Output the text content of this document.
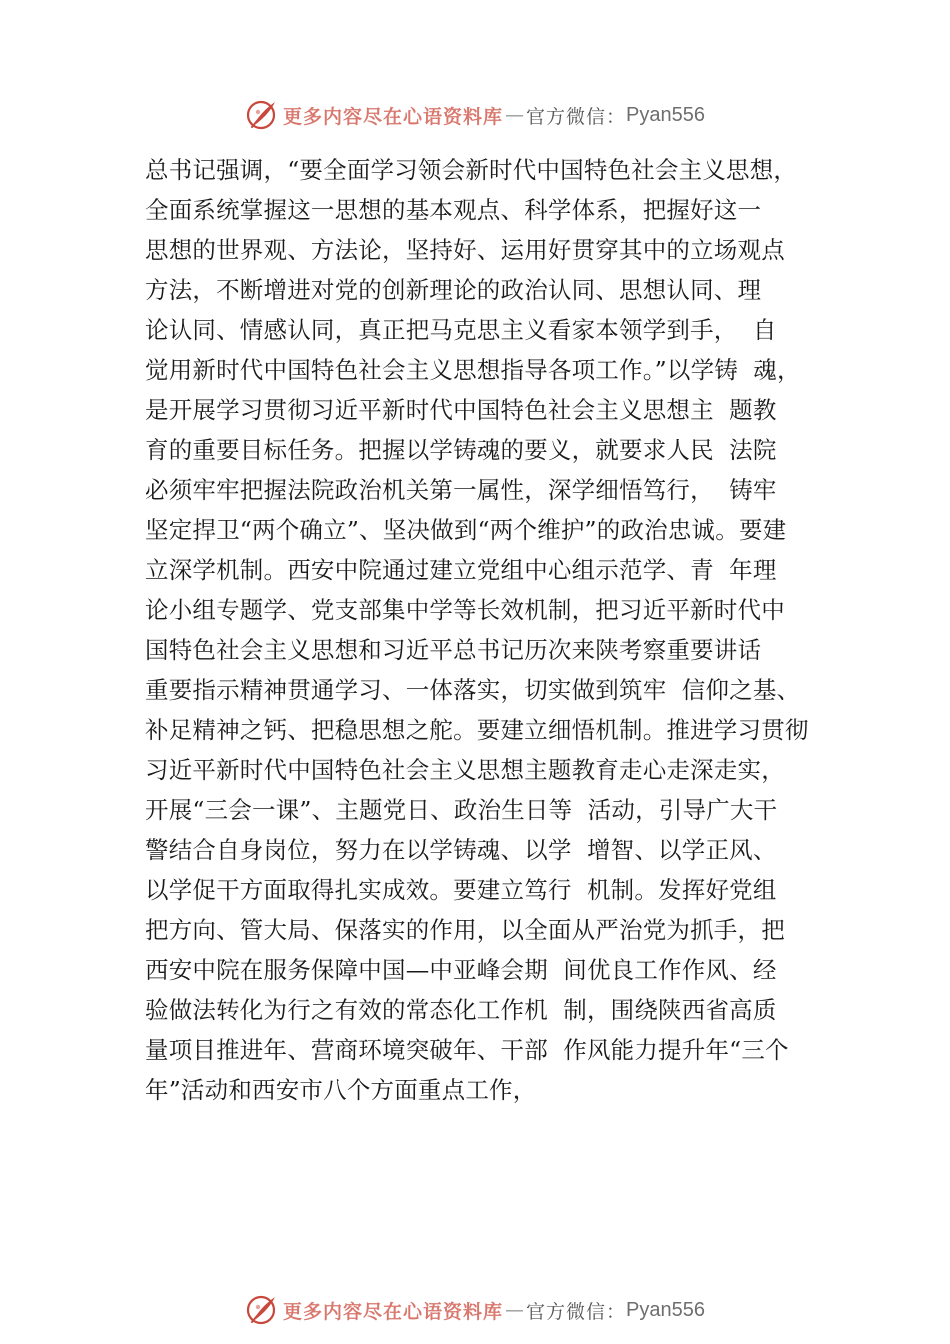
更多内容尽在心语资料库 — 官方微信： Pyan556
总书记强调，“要全面学习领会新时代中国特色社会主义思想，
全面系统掌握这一思想的基本观点、科学体系，把握好这一
思想的世界观、方法论，坚持好、运用好贯穿其中的立场观点
方法，不断增进对党的创新理论的政治认同、思想认同、理
论认同、情感认同，真正把马克思主义看家本领学到手，  自
觉用新时代中国特色社会主义思想指导各项工作。”以学铸  魂，
是开展学习贯彻习近平新时代中国特色社会主义思想主  题教
育的重要目标任务。把握以学铸魂的要义，就要求人民  法院
必须牢牢把握法院政治机关第一属性，深学细悟笃行，  铸牢
坚定捍卫“两个确立”、坚决做到“两个维护”的政治忠诚。要建
立深学机制。西安中院通过建立党组中心组示范学、青  年理
论小组专题学、党支部集中学等长效机制，把习近平新时代中
国特色社会主义思想和习近平总书记历次来陕考察重要讲话
重要指示精神贯通学习、一体落实，切实做到筑牢  信仰之基、
补足精神之钙、把稳思想之舵。要建立细悟机制。推进学习贯彻
习近平新时代中国特色社会主义思想主题教育走心走深走实，
开展“三会一课”、主题党日、政治生日等  活动，引导广大干
警结合自身岗位，努力在以学铸魂、以学  增智、以学正风、
以学促干方面取得扎实成效。要建立笃行  机制。发挥好党组
把方向、管大局、保落实的作用，以全面从严治党为抓手，把
西安中院在服务保障中国—中亚峰会期  间优良工作作风、经
验做法转化为行之有效的常态化工作机  制，围绕陕西省高质
量项目推进年、营商环境突破年、干部  作风能力提升年“三个
年”活动和西安市八个方面重点工作，
更多内容尽在心语资料库 — 官方微信： Pyan556
